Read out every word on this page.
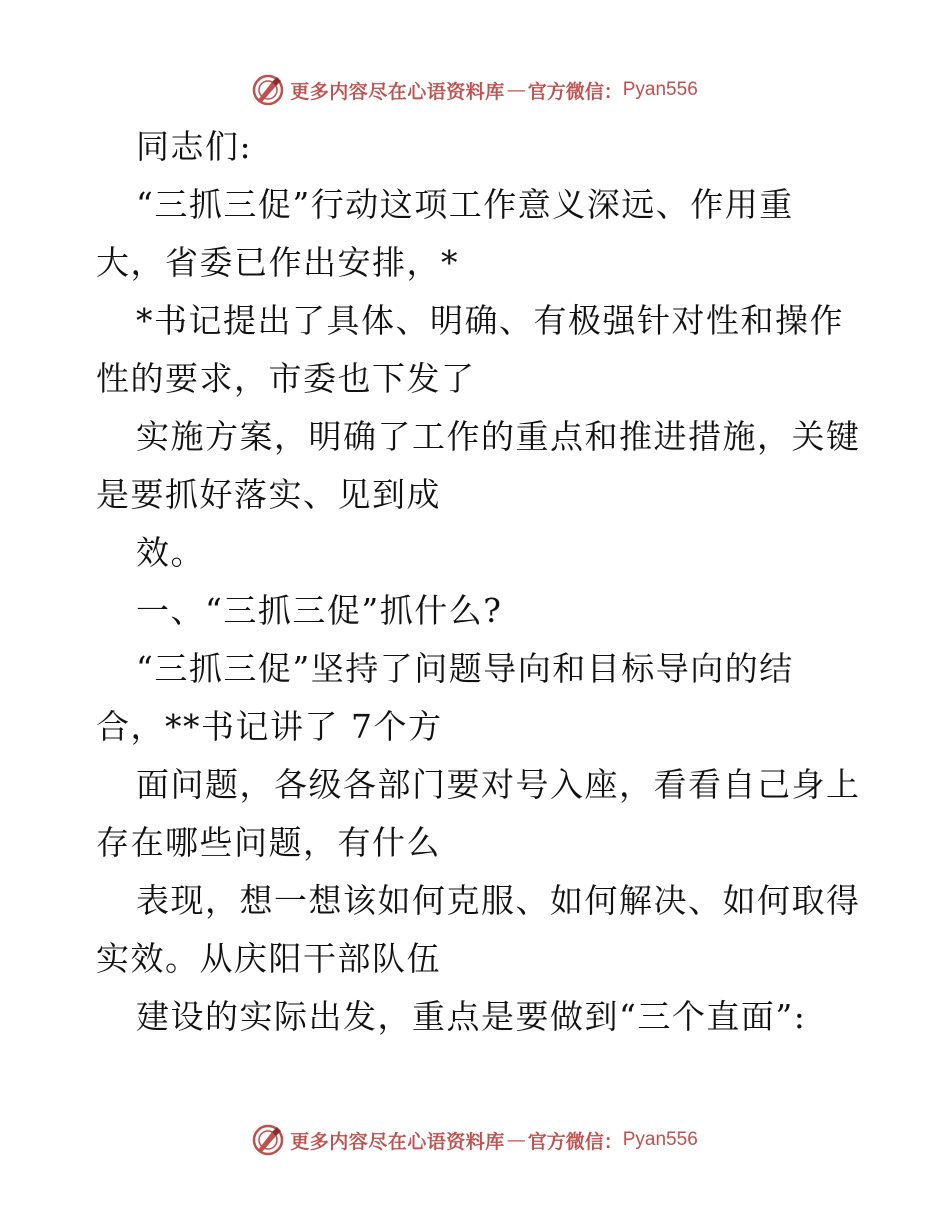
更多内容尽在心语资料库 — 官方微信： Pyan556
同志们:
“三抓三促”行动这项工作意义深远、作用重
大，省委已作出安排，*
*书记提出了具体、明确、有极强针对性和操作
性的要求，市委也下发了
实施方案，明确了工作的重点和推进措施，关键
是要抓好落实、见到成
效。
一、“三抓三促”抓什么?
“三抓三促”坚持了问题导向和目标导向的结
合，**书记讲了 7个方
面问题，各级各部门要对号入座，看看自己身上
存在哪些问题，有什么
表现，想一想该如何克服、如何解决、如何取得
实效。从庆阳干部队伍
建设的实际出发，重点是要做到“三个直面”:
更多内容尽在心语资料库 — 官方微信： Pyan556
